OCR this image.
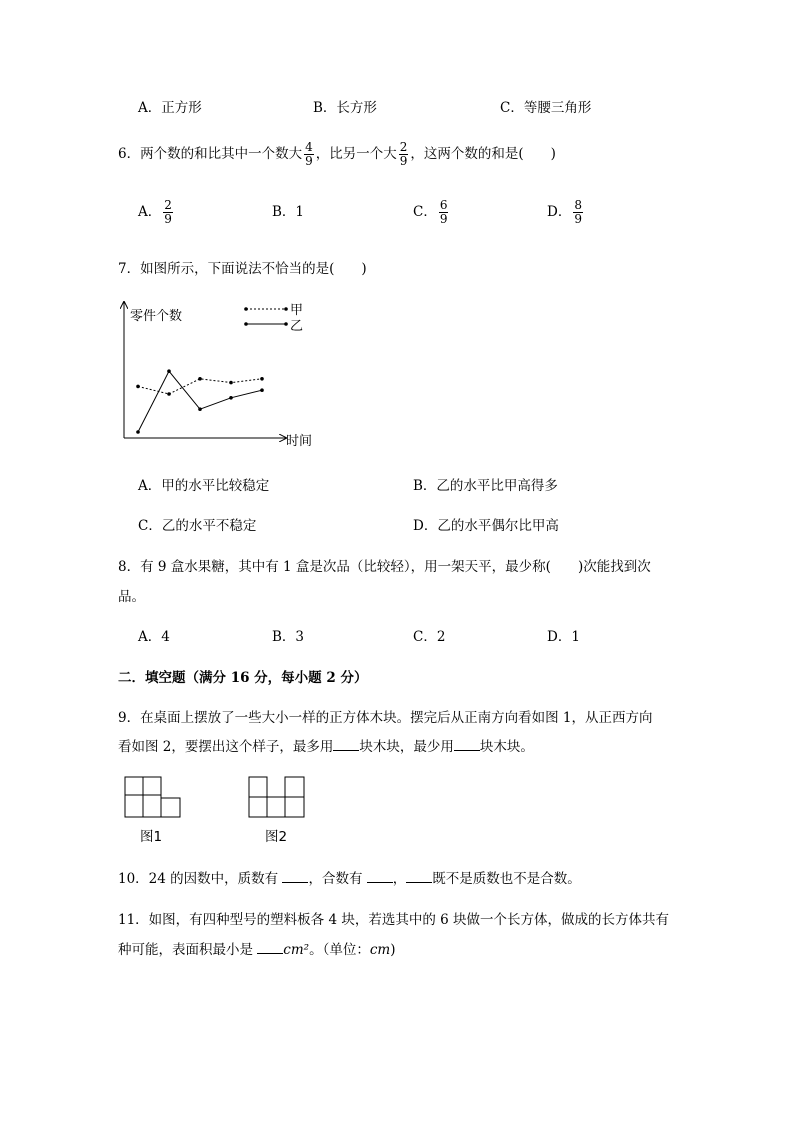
A．正方形	B．长方形	C．等腰三角形
6．两个数的和比其中一个数大 $\frac{4}{9}$ ，比另一个大 $\frac{2}{9}$ ，这两个数的和是(　　)
A． $\frac{2}{9}$	B．1	C． $\frac{6}{9}$	D． $\frac{8}{9}$
7．如图所示，下面说法不恰当的是(　　)
零件个数
时间
甲
乙
A．甲的水平比较稳定	B．乙的水平比甲高得多
C．乙的水平不稳定	D．乙的水平偶尔比甲高
8．有 9 盒水果糖，其中有 1 盒是次品（比较轻），用一架天平，最少称(　　)次能找到次
品。
A．4	B．3	C．2	D．1
二．填空题（满分 16 分，每小题 2 分）
9．在桌面上摆放了一些大小一样的正方体木块。摆完后从正南方向看如图 1，从正西方向
看如图 2，要摆出这个样子，最多用 块木块，最少用 块木块。
图1	图2
10．24 的因数中，质数有 ，合数有 ， 既不是质数也不是合数。
11．如图，有四种型号的塑料板各 4 块，若选其中的 6 块做一个长方体，做成的长方体共有
种可能，表面积最小是 cm²。（单位：cm)
